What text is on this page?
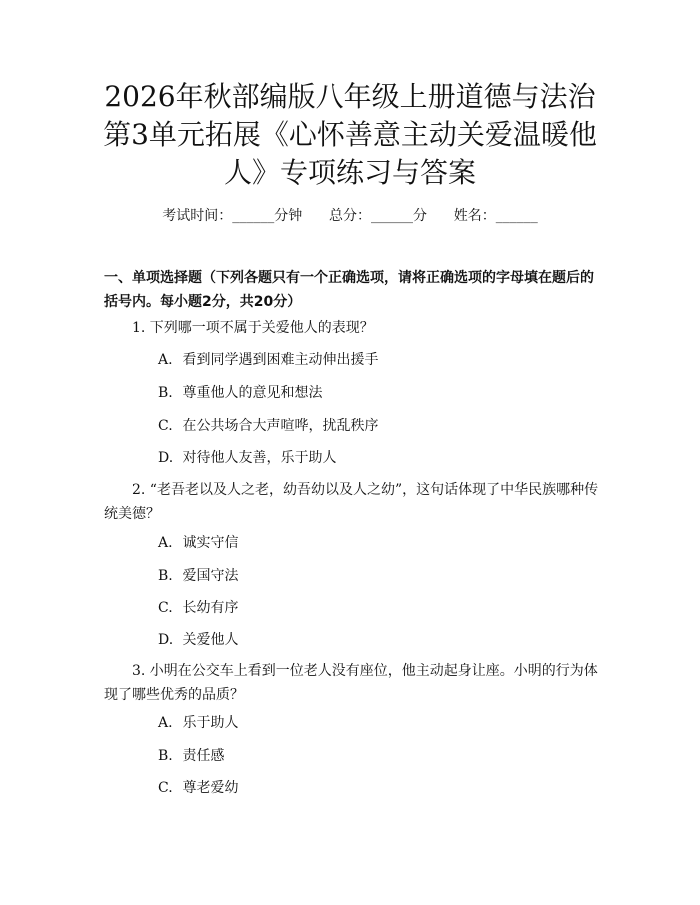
2026年秋部编版八年级上册道德与法治第3单元拓展《心怀善意主动关爱温暖他人》专项练习与答案
考试时间：______分钟      总分：______分      姓名：______
一、单项选择题（下列各题只有一个正确选项，请将正确选项的字母填在题后的括号内。每小题2分，共20分）
1. 下列哪一项不属于关爱他人的表现？
A. 看到同学遇到困难主动伸出援手
B. 尊重他人的意见和想法
C. 在公共场合大声喧哗，扰乱秩序
D. 对待他人友善，乐于助人
2. “老吾老以及人之老，幼吾幼以及人之幼”，这句话体现了中华民族哪种传统美德？
A. 诚实守信
B. 爱国守法
C. 长幼有序
D. 关爱他人
3. 小明在公交车上看到一位老人没有座位，他主动起身让座。小明的行为体现了哪些优秀的品质？
A. 乐于助人
B. 责任感
C. 尊老爱幼
